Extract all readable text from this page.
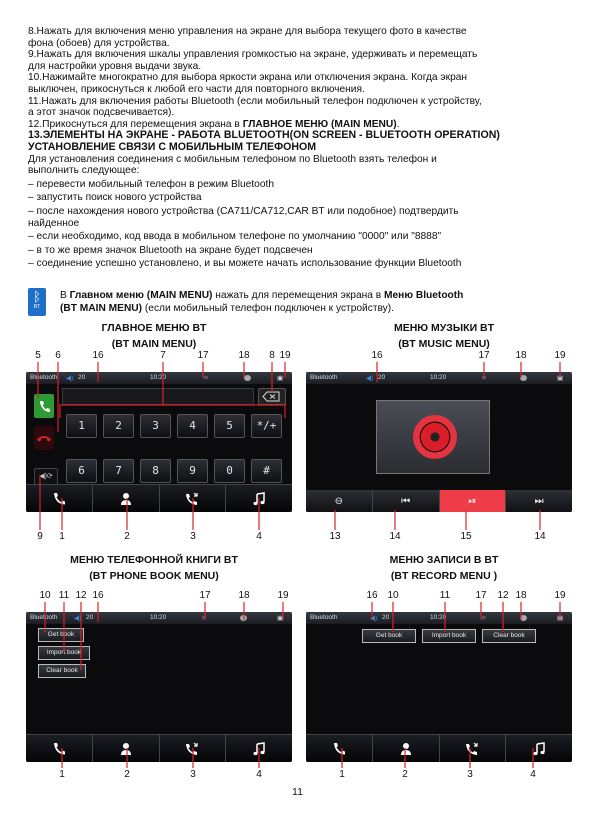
8.Нажать для включения меню управления на экране для выбора текущего фото в качестве

фона (обоев) для устройства.

9.Нажать для включения шкалы управления громкостью на экране, удерживать и перемещать

для настройки уровня выдачи звука.

10.Нажимайте многократно для выбора яркости экрана или отключения экрана. Когда экран

выключен, прикоснуться к любой его части для повторного включения.

11.Нажать для включения работы Bluetooth (если мобильный телефон подключен к устройству,

а этот значок подсвечивается).

12.Прикоснуться для перемещения экрана в ГЛАВНОЕ МЕНЮ (MAIN MENU).

13.ЭЛЕМЕНТЫ НА ЭКРАНЕ - РАБОТА BLUETOOTH(ON SCREEN - BLUETOOTH OPERATION)

УСТАНОВЛЕНИЕ СВЯЗИ С МОБИЛЬНЫМ ТЕЛЕФОНОМ

Для установления соединения с мобильным телефоном по Bluetooth взять телефон и

выполнить следующее:

– перевести мобильный телефон в режим Bluetooth

– запустить поиск нового устройства

– после нахождения нового устройства (CA711/CA712,CAR BT или подобное) подтвердить

найденное

– если необходимо, код ввода в мобильном телефоне по умолчанию "0000" или "8888"

– в то же время значок Bluetooth на экране будет подсвечен

– соединение успешно установлено, и вы можете начать использование функции Bluetooth

ᛒ
BT
В Главном меню (MAIN MENU) нажать для перемещения экрана в Меню Bluetooth
(BT MAIN MENU) (если мобильный телефон подключен к устройству).
ГЛАВНОЕ МЕНЮ BT
(BT MAIN MENU)
МЕНЮ МУЗЫКИ BT
(BT MUSIC MENU)
МЕНЮ ТЕЛЕФОННОЙ КНИГИ BT
(BT PHONE BOOK MENU)
МЕНЮ ЗАПИСИ В BT
(BT RECORD MENU )
Bluetooth ◀) 20	10:20	☼	▣
◀)⟳
1	2	3	4	5	*/+
6	7	8	9	0	#
Bluetooth	◀) 20	10:20	☼	▣
⊖	⏮	⏯	⏭
Bluetooth	◀) 20	10:20	☼	▣
Get book
Import book
Clear book
Bluetooth	◀) 20	10:20	☼	▣
Get book	Import book	Clear book
5	6	16	7	17	18	8 19
9	1	2	3	4
16	17	18	19
13	14	15	14
10 11 12 16	17	18	19
1	2	3	4
16 10	11	17 12 18	19
1	2	3	4
11
